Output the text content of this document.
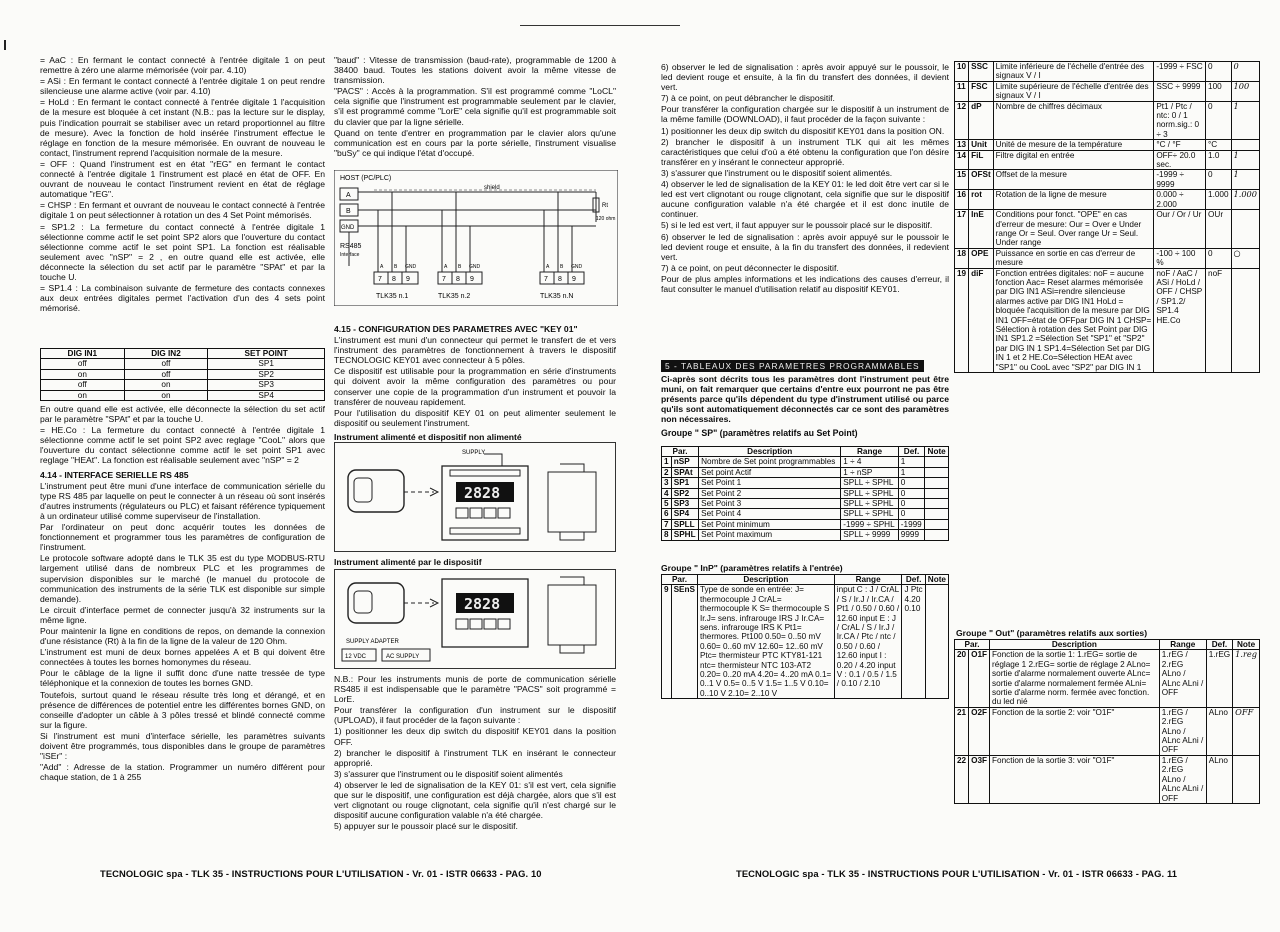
= AaC : En fermant le contact connecté à l'entrée digitale 1 on peut remettre à zéro une alarme mémorisée (voir par. 4.10)

= ASi : En fermant le contact connecté à l'entrée digitale 1 on peut rendre silencieuse une alarme active (voir par. 4.10)

= HoLd : En fermant le contact connecté à l'entrée digitale 1 l'acquisition de la mesure est bloquée à cet instant (N.B.: pas la lecture sur le display, puis l'indication pourrait se stabiliser avec un retard proportionnel au filtre de mesure). Avec la fonction de hold insérée l'instrument effectue le réglage en fonction de la mesure mémorisée. En ouvrant de nouveau le contact, l'instrument reprend l'acquisition normale de la mesure.

= OFF : Quand l'instrument est en état "rEG" en fermant le contact connecté à l'entrée digitale 1 l'instrument est placé en état de OFF. En ouvrant de nouveau le contact l'instrument revient en état de réglage automatique "rEG".

= CHSP : En fermant et ouvrant de nouveau le contact connecté à l'entrée digitale 1 on peut sélectionner à rotation un des 4 Set Point mémorisés.

= SP1.2 : La fermeture du contact connecté à l'entrée digitale 1 sélectionne comme actif le set point SP2 alors que l'ouverture du contact sélectionne comme actif le set point SP1. La fonction est réalisable seulement avec "nSP" = 2 , en outre quand elle est activée, elle déconnecte la sélection du set actif par le paramètre "SPAt" et par la touche U.

= SP1.4 : La combinaison suivante de fermeture des contacts connexes aux deux entrées digitales permet l'activation d'un des 4 sets point mémorisé.

DIG IN1	DIG IN2	SET POINT
off	off	SP1
on	off	SP2
off	on	SP3
on	on	SP4

En outre quand elle est activée, elle déconnecte la sélection du set actif par le paramètre "SPAt" et par la touche U.

= HE.Co : La fermeture du contact connecté à l'entrée digitale 1 sélectionne comme actif le set point SP2 avec reglage "CooL" alors que l'ouverture du contact sélectionne comme actif le set point SP1 avec reglage "HEAt". La fonction est réalisable seulement avec "nSP" = 2

4.14 - INTERFACE SERIELLE RS 485

L'instrument peut être muni d'une interface de communication sérielle du type RS 485 par laquelle on peut le connecter à un réseau où sont insérés d'autres instruments (régulateurs ou PLC) et faisant référence typiquement à un ordinateur utilisé comme superviseur de l'installation.

Par l'ordinateur on peut donc acquérir toutes les données de fonctionnement et programmer tous les paramètres de configuration de l'instrument.

Le protocole software adopté dans le TLK 35 est du type MODBUS-RTU largement utilisé dans de nombreux PLC et les programmes de supervision disponibles sur le marché (le manuel du protocole de communication des instruments de la série TLK est disponible sur simple demande).

Le circuit d'interface permet de connecter jusqu'à 32 instruments sur la même ligne.

Pour maintenir la ligne en conditions de repos, on demande la connexion d'une résistance (Rt) à la fin de la ligne de la valeur de 120 Ohm.

L'instrument est muni de deux bornes appelées A et B qui doivent être connectées à toutes les bornes homonymes du réseau.

Pour le câblage de la ligne il suffit donc d'une natte tressée de type téléphonique et la connexion de toutes les bornes GND.

Toutefois, surtout quand le réseau résulte très long et dérangé, et en présence de différences de potentiel entre les différentes bornes GND, on conseille d'adopter un câble à 3 pôles tressé et blindé connecté comme sur la figure.

Si l'instrument est muni d'interface sérielle, les paramètres suivants doivent être programmés, tous disponibles dans le groupe de paramètres "iSEr" :

"Add" : Adresse de la station. Programmer un numéro différent pour chaque station, de 1 à 255

"baud" : Vitesse de transmission (baud-rate), programmable de 1200 à 38400 baud. Toutes les stations doivent avoir la même vitesse de transmission.

"PACS" : Accès à la programmation. S'il est programmé comme "LoCL" cela signifie que l'instrument est programmable seulement par le clavier, s'il est programmé comme "LorE" cela signifie qu'il est programmable soit du clavier que par la ligne sérielle.

Quand on tente d'entrer en programmation par le clavier alors qu'une communication est en cours par la porte sérielle, l'instrument visualise "buSy" ce qui indique l'état d'occupé.

HOST (PC/PLC)
A
B
GND
shield
Rt
120 ohm
RS485
Interface
7 8 9	7 8 9	7 8 9
A B GND	A B GND	A B GND
TLK35 n.1	TLK35 n.2	TLK35 n.N

4.15 - CONFIGURATION DES PARAMETRES AVEC "KEY 01"

L'instrument est muni d'un connecteur qui permet le transfert de et vers l'instrument des paramètres de fonctionnement à travers le dispositif TECNOLOGIC KEY01 avec connecteur à 5 pôles.

Ce dispositif est utilisable pour la programmation en série d'instruments qui doivent avoir la même configuration des paramètres ou pour conserver une copie de la programmation d'un instrument et pouvoir la transférer de nouveau rapidement.

Pour l'utilisation du dispositif KEY 01 on peut alimenter seulement le dispositif ou seulement l'instrument.

Instrument alimenté et dispositif non alimenté

SUPPLY
2828
Instrument alimenté par le dispositif
2828
SUPPLY ADAPTER
12 VDC	AC SUPPLY

N.B.: Pour les instruments munis de porte de communication sérielle RS485 il est indispensable que le paramètre "PACS" soit programmé = LorE.

Pour transférer la configuration d'un instrument sur le dispositif (UPLOAD), il faut procéder de la façon suivante :

1) positionner les deux dip switch du dispositif KEY01 dans la position OFF.

2) brancher le dispositif à l'instrument TLK en insérant le connecteur approprié.

3) s'assurer que l'instrument ou le dispositif soient alimentés

4) observer le led de signalisation de la KEY 01: s'il est vert, cela signifie que sur le dispositif, une configuration est déjà chargée, alors que s'il est vert clignotant ou rouge clignotant, cela signifie qu'il n'est chargé sur le dispositif aucune configuration valable n'a été chargée.

5) appuyer sur le poussoir placé sur le dispositif.

TECNOLOGIC spa - TLK 35 - INSTRUCTIONS POUR L'UTILISATION - Vr. 01 - ISTR 06633 - PAG. 10

6) observer le led de signalisation : après avoir appuyé sur le poussoir, le led devient rouge et ensuite, à la fin du transfert des données, il devient vert.

7) à ce point, on peut débrancher le dispositif.

Pour transférer la configuration chargée sur le dispositif à un instrument de la même famille (DOWNLOAD), il faut procéder de la façon suivante :

1) positionner les deux dip switch du dispositif KEY01 dans la position ON.

2) brancher le dispositif à un instrument TLK qui ait les mêmes caractéristiques que celui d'où a été obtenu la configuration que l'on désire transférer en y insérant le connecteur approprié.

3) s'assurer que l'instrument ou le dispositif soient alimentés.

4) observer le led de signalisation de la KEY 01: le led doit être vert car si le led est vert clignotant ou rouge clignotant, cela signifie que sur le dispositif aucune configuration valable n'a été chargée et il est donc inutile de continuer.

5) si le led est vert, il faut appuyer sur le poussoir placé sur le dispositif.

6) observer le led de signalisation : après avoir appuyé sur le poussoir le led devient rouge et ensuite, à la fin du transfert des données, il redevient vert.

7) à ce point, on peut déconnecter le dispositif.

Pour de plus amples informations et les indications des causes d'erreur, il faut consulter le manuel d'utilisation relatif au dispositif KEY01.

5 - TABLEAUX DES PARAMETRES PROGRAMMABLES
Ci-après sont décrits tous les paramètres dont l'instrument peut être muni, on fait remarquer que certains d'entre eux pourront ne pas être présents parce qu'ils dépendent du type d'instrument utilisé ou parce qu'ils sont automatiquement déconnectés car ce sont des paramètres non nécessaires.
Groupe " SP" (paramètres relatifs au Set Point)
Par.		Description	Range	Def.	Note
1	nSP	Nombre de Set point programmables	1 ÷ 4	1	
2	SPAt	Set point Actif	1 ÷ nSP	1	
3	SP1	Set Point 1	SPLL ÷ SPHL	0	
4	SP2	Set Point 2	SPLL ÷ SPHL	0	
5	SP3	Set Point 3	SPLL ÷ SPHL	0	
6	SP4	Set Point 4	SPLL ÷ SPHL	0	
7	SPLL	Set Point minimum	-1999 ÷ SPHL	-1999	
8	SPHL	Set Point maximum	SPLL ÷ 9999	9999	
Groupe " InP" (paramètres relatifs à l'entrée)
Par.		Description	Range	Def.	Note
9	SEnS	Type de sonde en entrée: J= thermocouple J CrAL= thermocouple K S= thermocouple S Ir.J= sens. infrarouge IRS J Ir.CA= sens. infrarouge IRS K Pt1= thermores. Pt100 0.50= 0..50 mV 0.60= 0..60 mV 12.60= 12..60 mV Ptc= thermisteur PTC KTY81-121 ntc= thermisteur NTC 103-AT2 0.20= 0..20 mA 4.20= 4..20 mA 0.1= 0..1 V 0.5= 0..5 V 1.5= 1..5 V 0.10= 0..10 V 2.10= 2..10 V	input C : J / CrAL / S / Ir.J / Ir.CA / Pt1 / 0.50 / 0.60 / 12.60 input E : J / CrAL / S / Ir.J / Ir.CA / Ptc / ntc / 0.50 / 0.60 / 12.60 input I : 0.20 / 4.20 input V : 0.1 / 0.5 / 1.5 / 0.10 / 2.10	J Ptc 4.20 0.10	
10	SSC	Limite inférieure de l'échelle d'entrée des signaux V / I	-1999 ÷ FSC	0	0
11	FSC	Limite supérieure de l'échelle d'entrée des signaux V / I	SSC ÷ 9999	100	100
12	dP	Nombre de chiffres décimaux	Pt1 / Ptc / ntc: 0 / 1 norm.sig.: 0 ÷ 3	0	1
13	Unit	Unité de mesure de la température	°C / °F	°C	
14	FiL	Filtre digital en entrée	OFF÷ 20.0 sec.	1.0	1
15	OFSt	Offset de la mesure	-1999 ÷ 9999	0	1
16	rot	Rotation de la ligne de mesure	0.000 ÷ 2.000	1.000	1.000
17	InE	Conditions pour fonct. "OPE" en cas d'erreur de mesure: Our = Over e Under range Or = Seul. Over range Ur = Seul. Under range	Our / Or / Ur	OUr	
18	OPE	Puissance en sortie en cas d'erreur de mesure	-100 ÷ 100 %	0	○
19	diF	Fonction entrées digitales: noF = aucune fonction Aac= Reset alarmes mémorisée par DIG IN1 ASi=rendre silencieuse alarmes active par DIG IN1 HoLd = bloquée l'acquisition de la mesure par DIG IN1 OFF=état de OFFpar DIG IN 1 CHSP= Sélection à rotation des Set Point par DIG IN1 SP1.2 =Sélection Set "SP1" et "SP2" par DIG IN 1 SP1.4=Sélection Set par DIG IN 1 et 2 HE.Co=Sélection HEAt avec "SP1" ou CooL avec "SP2" par DIG IN 1	noF / AaC / ASi / HoLd / OFF / CHSP / SP1.2/ SP1.4 HE.Co	noF	
Groupe " Out" (paramètres relatifs aux sorties)
Par.		Description	Range	Def.	Note
20	O1F	Fonction de la sortie 1: 1.rEG= sortie de réglage 1 2.rEG= sortie de réglage 2 ALno= sortie d'alarme normalement ouverte ALnc= sortie d'alarme normalement fermée ALni= sortie d'alarme norm. fermée avec fonction. du led nié	1.rEG / 2.rEG ALno / ALnc ALni / OFF	1.rEG	1.reg
21	O2F	Fonction de la sortie 2: voir "O1F"	1.rEG / 2.rEG ALno / ALnc ALni / OFF	ALno	OFF
22	O3F	Fonction de la sortie 3: voir "O1F"	1.rEG / 2.rEG ALno / ALnc ALni / OFF	ALno	
TECNOLOGIC spa - TLK 35 - INSTRUCTIONS POUR L'UTILISATION - Vr. 01 - ISTR 06633 - PAG. 11
